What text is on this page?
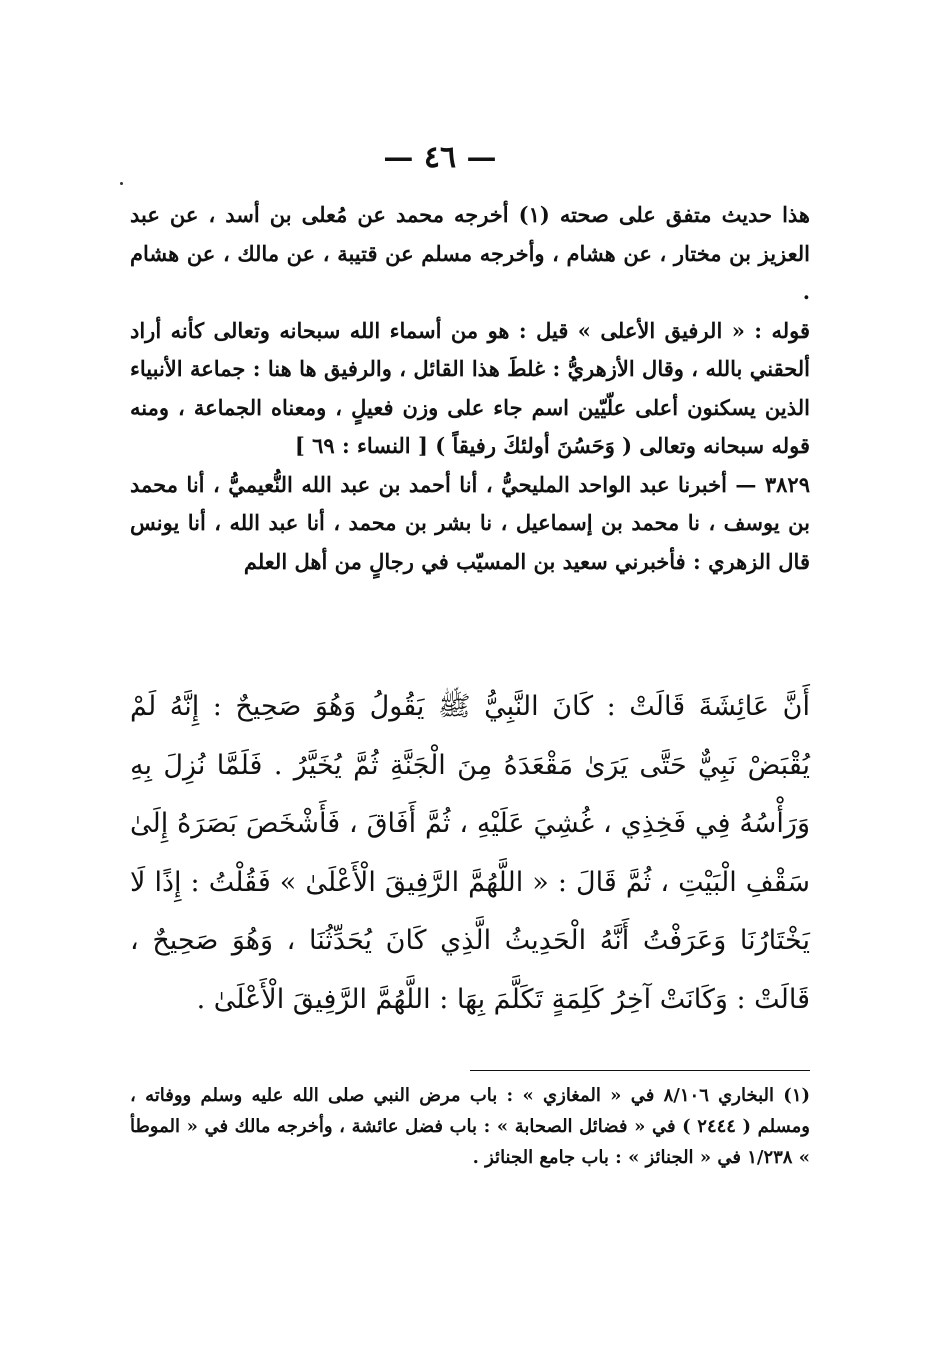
— ٤٦ —

هذا حديث متفق على صحته (١) أخرجه محمد عن مُعلى بن أسد ، عن عبد العزيز بن مختار ، عن هشام ، وأخرجه مسلم عن قتيبة ، عن مالك ، عن هشام .

قوله : « الرفيق الأعلى » قيل : هو من أسماء الله سبحانه وتعالى كأنه أراد ألحقني بالله ، وقال الأزهريُّ : غلطَ هذا القائل ، والرفيق ها هنا : جماعة الأنبياء الذين يسكنون أعلى علّيّين اسم جاء على وزن فعيلٍ ، ومعناه الجماعة ، ومنه قوله سبحانه وتعالى ( وَحَسُنَ أولئكَ رفيقاً ) [ النساء : ٦٩ ]

٣٨٢٩ — أخبرنا عبد الواحد المليحيُّ ، أنا أحمد بن عبد الله النُّعيميُّ ، أنا محمد بن يوسف ، نا محمد بن إسماعيل ، نا بشر بن محمد ، أنا عبد الله ، أنا يونس قال الزهري : فأخبرني سعيد بن المسيّب في رجالٍ من أهل العلم

أَنَّ عَائِشَةَ قَالَتْ : كَانَ النَّبِيُّ ﷺ يَقُولُ وَهُوَ صَحِيحٌ : إِنَّهُ لَمْ يُقْبَضْ نَبِيٌّ حَتَّى يَرَىٰ مَقْعَدَهُ مِنَ الْجَنَّةِ ثُمَّ يُخَيَّرُ . فَلَمَّا نُزِلَ بِهِ وَرَأْسُهُ فِي فَخِذِي ، غُشِيَ عَلَيْهِ ، ثُمَّ أَفَاقَ ، فَأَشْخَصَ بَصَرَهُ إِلَىٰ سَقْفِ الْبَيْتِ ، ثُمَّ قَالَ : « اللَّهُمَّ الرَّفِيقَ الْأَعْلَىٰ » فَقُلْتُ : إِذًا لَا يَخْتَارُنَا وَعَرَفْتُ أَنَّهُ الْحَدِيثُ الَّذِي كَانَ يُحَدِّثُنَا ، وَهُوَ صَحِيحٌ ، قَالَتْ : وَكَانَتْ آخِرُ كَلِمَةٍ تَكَلَّمَ بِهَا : اللَّهُمَّ الرَّفِيقَ الْأَعْلَىٰ .

(١) البخاري ٨/١٠٦ في « المغازي » : باب مرض النبي صلى الله عليه وسلم ووفاته ، ومسلم ( ٢٤٤٤ ) في « فضائل الصحابة » : باب فضل عائشة ، وأخرجه مالك في « الموطأ » ١/٢٣٨ في « الجنائز » : باب جامع الجنائز .
